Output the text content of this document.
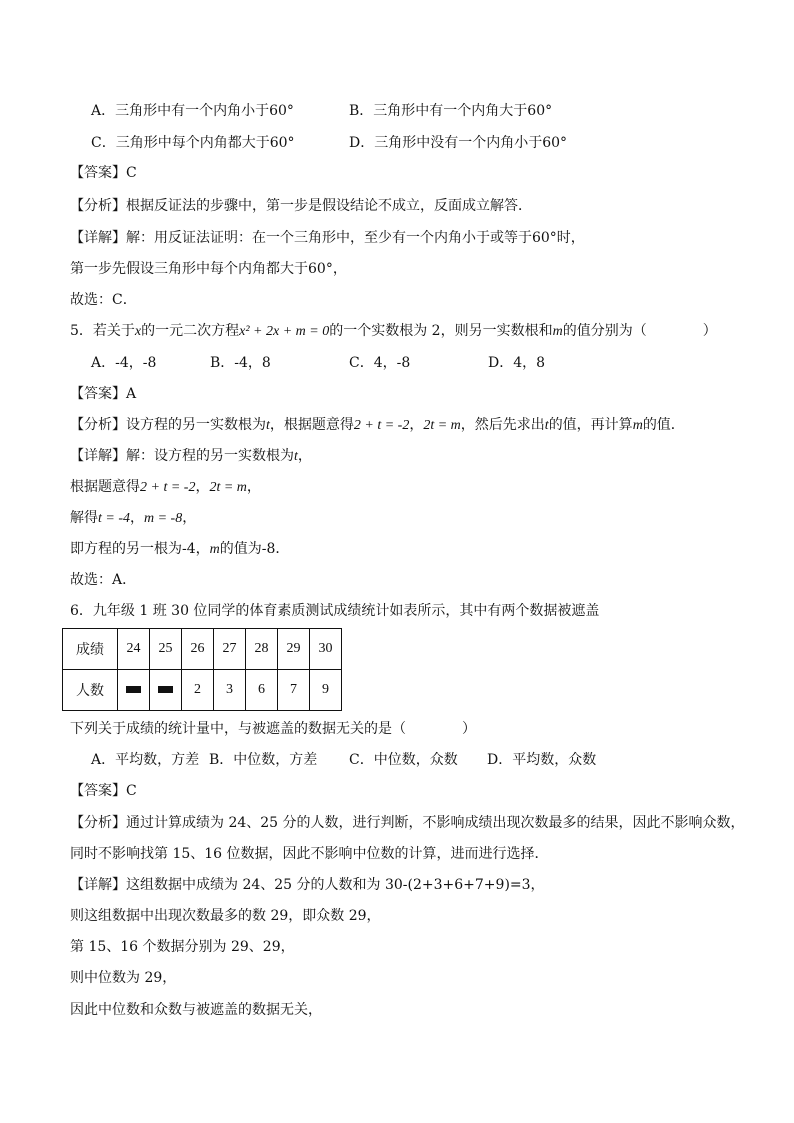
A．三角形中有一个内角小于60°	B．三角形中有一个内角大于60°
C．三角形中每个内角都大于60°	D．三角形中没有一个内角小于60°
【答案】C
【分析】根据反证法的步骤中，第一步是假设结论不成立，反面成立解答．
【详解】解：用反证法证明：在一个三角形中，至少有一个内角小于或等于60°时，
第一步先假设三角形中每个内角都大于60°，
故选：C．
5．若关于x的一元二次方程x² + 2x + m = 0的一个实数根为 2，则另一实数根和m的值分别为（　　　　）
A．-4，-8	B．-4，8	C．4，-8	D．4，8
【答案】A
【分析】设方程的另一实数根为t，根据题意得2 + t = -2，2t = m，然后先求出t的值，再计算m的值．
【详解】解：设方程的另一实数根为t，
根据题意得2 + t = -2，2t = m，
解得t = -4，m = -8，
即方程的另一根为-4，m的值为-8．
故选：A．
6．九年级 1 班 30 位同学的体育素质测试成绩统计如表所示，其中有两个数据被遮盖
成绩	24	25	26	27	28	29	30
人数			2	3	6	7	9
下列关于成绩的统计量中，与被遮盖的数据无关的是（　　　　）
A．平均数，方差 B．中位数，方差 C．中位数，众数 D．平均数，众数
【答案】C
【分析】通过计算成绩为 24、25 分的人数，进行判断，不影响成绩出现次数最多的结果，因此不影响众数，
同时不影响找第 15、16 位数据，因此不影响中位数的计算，进而进行选择．
【详解】这组数据中成绩为 24、25 分的人数和为 30-(2+3+6+7+9)=3，
则这组数据中出现次数最多的数 29，即众数 29，
第 15、16 个数据分别为 29、29，
则中位数为 29，
因此中位数和众数与被遮盖的数据无关，
